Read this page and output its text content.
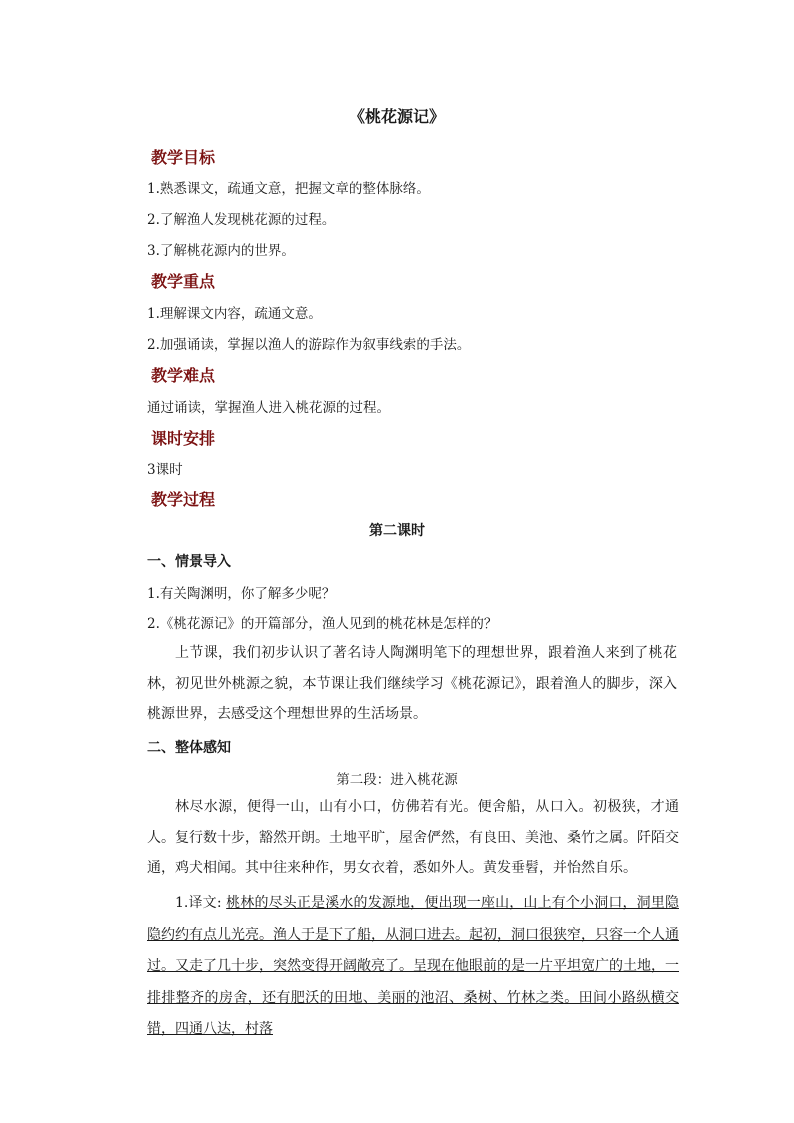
《桃花源记》
教学目标
1.熟悉课文，疏通文意，把握文章的整体脉络。
2.了解渔人发现桃花源的过程。
3.了解桃花源内的世界。
教学重点
1.理解课文内容，疏通文意。
2.加强诵读，掌握以渔人的游踪作为叙事线索的手法。
教学难点
通过诵读，掌握渔人进入桃花源的过程。
课时安排
3课时
教学过程
第二课时
一、情景导入
1.有关陶渊明，你了解多少呢？
2.《桃花源记》的开篇部分，渔人见到的桃花林是怎样的？
上节课，我们初步认识了著名诗人陶渊明笔下的理想世界，跟着渔人来到了桃花林，初见世外桃源之貌，本节课让我们继续学习《桃花源记》，跟着渔人的脚步，深入桃源世界，去感受这个理想世界的生活场景。
二、整体感知
第二段：进入桃花源
林尽水源，便得一山，山有小口，仿佛若有光。便舍船，从口入。初极狭，才通人。复行数十步，豁然开朗。土地平旷，屋舍俨然，有良田、美池、桑竹之属。阡陌交通，鸡犬相闻。其中往来种作，男女衣着，悉如外人。黄发垂髫，并怡然自乐。
1.译文: 桃林的尽头正是溪水的发源地，便出现一座山，山上有个小洞口，洞里隐隐约约有点儿光亮。渔人于是下了船，从洞口进去。起初，洞口很狭窄，只容一个人通过。又走了几十步，突然变得开阔敞亮了。呈现在他眼前的是一片平坦宽广的土地，一排排整齐的房舍，还有肥沃的田地、美丽的池沼、桑树、竹林之类。田间小路纵横交错，四通八达，村落
